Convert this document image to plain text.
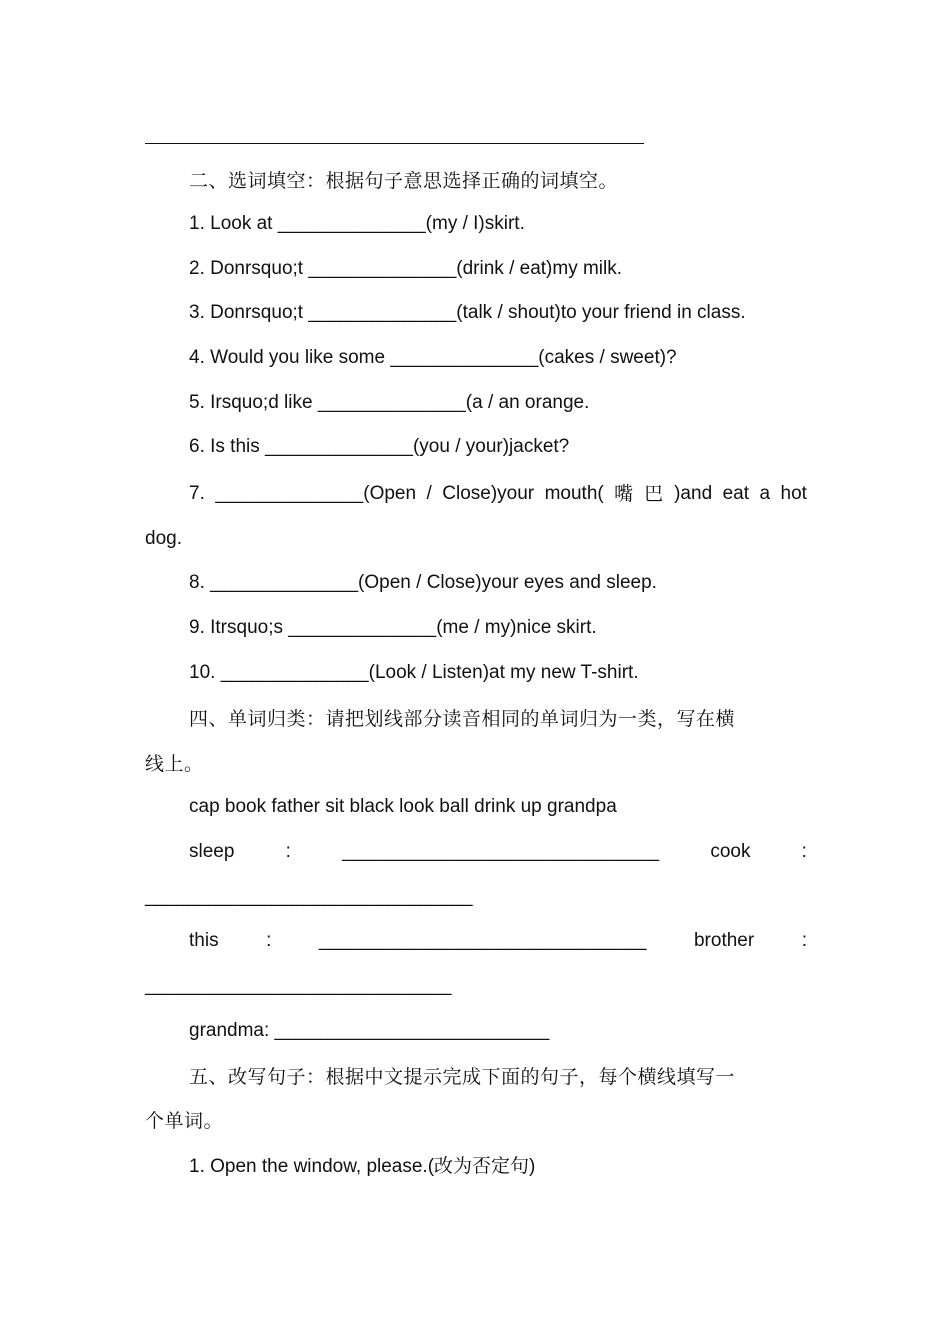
二、选词填空：根据句子意思选择正确的词填空。
1. Look at ______________(my / I)skirt.
2. Donrsquo;t ______________(drink / eat)my milk.
3. Donrsquo;t ______________(talk / shout)to your friend in class.
4. Would you like some ______________(cakes / sweet)?
5. Irsquo;d like ______________(a / an orange.
6. Is this ______________(you / your)jacket?
7. ______________(Open / Close)your mouth( 嘴 巴 )and eat a hot
dog.
8. ______________(Open / Close)your eyes and sleep.
9. Itrsquo;s ______________(me / my)nice skirt.
10. ______________(Look / Listen)at my new T-shirt.
四、单词归类：请把划线部分读音相同的单词归为一类，写在横
线上。
cap book father sit black look ball drink up grandpa
sleep	:	______________________________	cook	:
_______________________________
this	:	_______________________________	brother	:
_____________________________
grandma: __________________________
五、改写句子：根据中文提示完成下面的句子，每个横线填写一
个单词。
1. Open the window, please.(改为否定句)
